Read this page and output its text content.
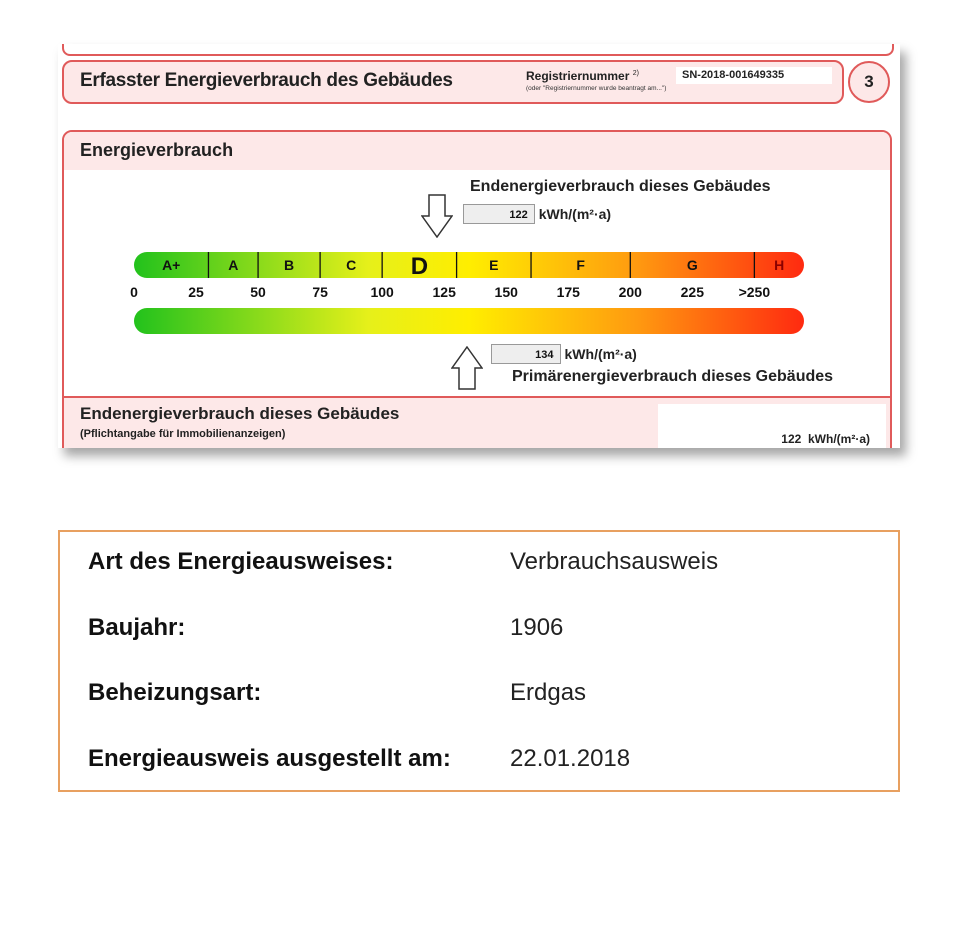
Erfasster Energieverbrauch des Gebäudes	Registriernummer $^{2)}$
(oder "Registriernummer wurde beantragt am...")
SN-2018-001649335	3
Energieverbrauch
Endenergieverbrauch dieses Gebäudes
122 kWh/(m²·a)
A+	A	B	C D	E	F	G	H
0	25	50	75	100	125	150	175	200	225 >250
134 kWh/(m²·a)
Primärenergieverbrauch dieses Gebäudes
Endenergieverbrauch dieses Gebäudes
(Pflichtangabe für Immobilienanzeigen)	122 kWh/(m²·a)
Art des Energieausweises:	Verbrauchsausweis
Baujahr:	1906
Beheizungsart:	Erdgas
Energieausweis ausgestellt am: 22.01.2018
